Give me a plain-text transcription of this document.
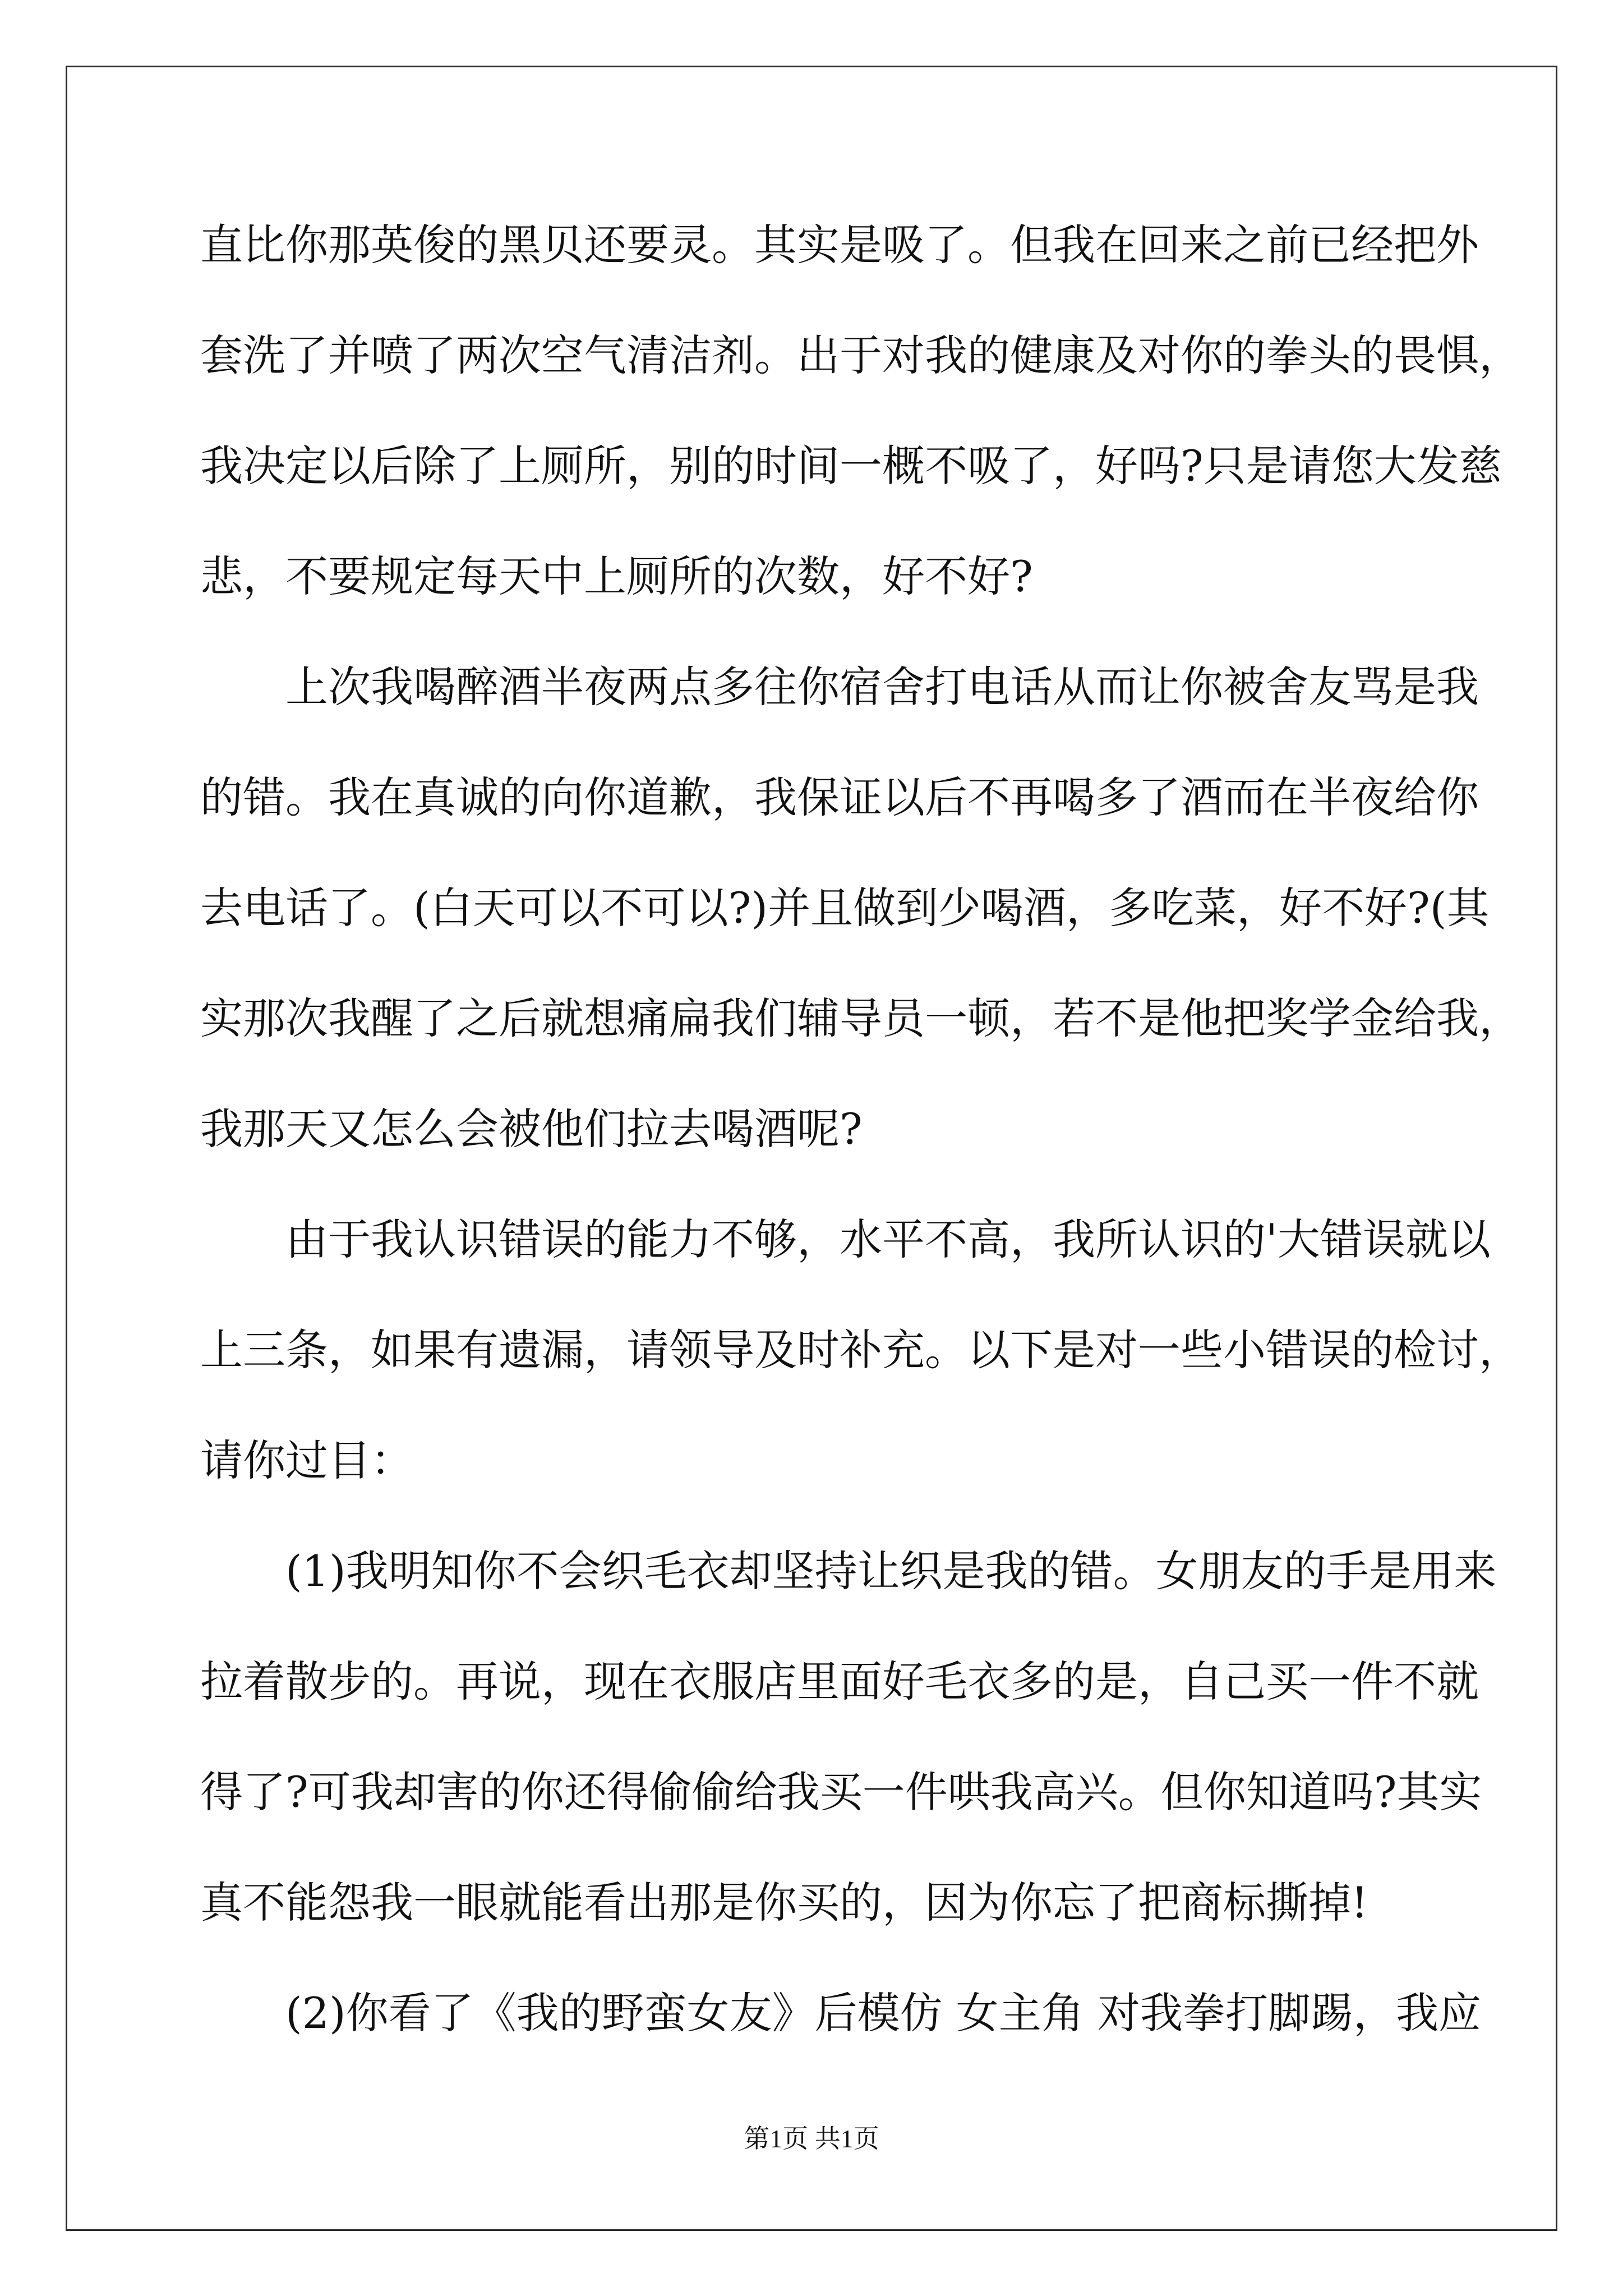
直比你那英俊的黑贝还要灵。其实是吸了。但我在回来之前已经把外

套洗了并喷了两次空气清洁剂。出于对我的健康及对你的拳头的畏惧，

我决定以后除了上厕所，别的时间一概不吸了，好吗?只是请您大发慈

悲，不要规定每天中上厕所的次数，好不好?

上次我喝醉酒半夜两点多往你宿舍打电话从而让你被舍友骂是我

的错。我在真诚的向你道歉，我保证以后不再喝多了酒而在半夜给你

去电话了。(白天可以不可以?)并且做到少喝酒，多吃菜，好不好?(其

实那次我醒了之后就想痛扁我们辅导员一顿，若不是他把奖学金给我，

我那天又怎么会被他们拉去喝酒呢?

由于我认识错误的能力不够，水平不高，我所认识的'大错误就以

上三条，如果有遗漏，请领导及时补充。以下是对一些小错误的检讨，

请你过目：

(1)我明知你不会织毛衣却坚持让织是我的错。女朋友的手是用来

拉着散步的。再说，现在衣服店里面好毛衣多的是，自己买一件不就

得了?可我却害的你还得偷偷给我买一件哄我高兴。但你知道吗?其实

真不能怨我一眼就能看出那是你买的，因为你忘了把商标撕掉!

(2)你看了《我的野蛮女友》后模仿 女主角 对我拳打脚踢，我应

第1页 共1页
